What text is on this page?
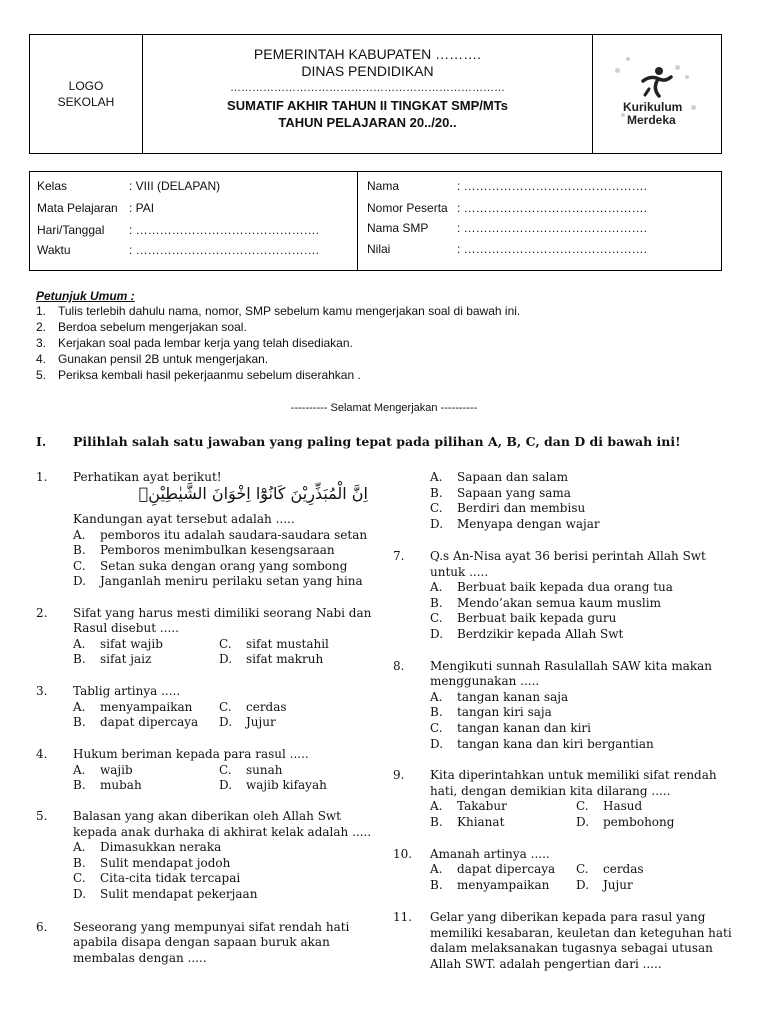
LOGO
SEKOLAH
PEMERINTAH KABUPATEN ……….
DINAS PENDIDIKAN
…………………………………………………………………
SUMATIF AKHIR TAHUN II TINGKAT SMP/MTs
TAHUN PELAJARAN 20../20..
Kurikulum
Merdeka
Kelas	: VIII (DELAPAN)
Mata Pelajaran : PAI
Hari/Tanggal : ……………………………………….
Waktu	: ……………………………………….
Nama	: ……………………………………….
Nomor Peserta : ……………………………………….
Nama SMP : ……………………………………….
Nilai	: ……………………………………….
Petunjuk Umum :
1. Tulis terlebih dahulu nama, nomor, SMP sebelum kamu mengerjakan soal di bawah ini.
2. Berdoa sebelum mengerjakan soal.
3. Kerjakan soal pada lembar kerja yang telah disediakan.
4. Gunakan pensil 2B untuk mengerjakan.
5. Periksa kembali hasil pekerjaanmu sebelum diserahkan .
---------- Selamat Mengerjakan ----------
I. Pilihlah salah satu jawaban yang paling tepat pada pilihan A, B, C, dan D di bawah ini!
1. Perhatikan ayat berikut!
اِنَّ الْمُبَذِّرِيْنَ كَانُوْٓا اِخْوَانَ الشَّيٰطِيْنِۗ
Kandungan ayat tersebut adalah .....
A. pemboros itu adalah saudara-saudara setan
B. Pemboros menimbulkan kesengsaraan
C. Setan suka dengan orang yang sombong
D. Janganlah meniru perilaku setan yang hina
2. Sifat yang harus mesti dimiliki seorang Nabi dan
Rasul disebut .....
A. sifat wajib	C. sifat mustahil
B. sifat jaiz	D. sifat makruh
3. Tablig artinya .....
A. menyampaikan C. cerdas
B. dapat dipercaya D. Jujur
4. Hukum beriman kepada para rasul .....
A. wajib	C. sunah
B. mubah	D. wajib kifayah
5. Balasan yang akan diberikan oleh Allah Swt
kepada anak durhaka di akhirat kelak adalah .....
A. Dimasukkan neraka
B. Sulit mendapat jodoh
C. Cita-cita tidak tercapai
D. Sulit mendapat pekerjaan
6. Seseorang yang mempunyai sifat rendah hati
apabila disapa dengan sapaan buruk akan
membalas dengan .....
A. Sapaan dan salam
B. Sapaan yang sama
C. Berdiri dan membisu
D. Menyapa dengan wajar
7. Q.s An-Nisa ayat 36 berisi perintah Allah Swt
untuk .....
A. Berbuat baik kepada dua orang tua
B. Mendo’akan semua kaum muslim
C. Berbuat baik kepada guru
D. Berdzikir kepada Allah Swt
8. Mengikuti sunnah Rasulallah SAW kita makan
menggunakan .....
A. tangan kanan saja
B. tangan kiri saja
C. tangan kanan dan kiri
D. tangan kana dan kiri bergantian
9. Kita diperintahkan untuk memiliki sifat rendah
hati, dengan demikian kita dilarang .....
A. Takabur	C. Hasud
B. Khianat	D. pembohong
10. Amanah artinya .....
A. dapat dipercaya C. cerdas
B. menyampaikan D. Jujur
11. Gelar yang diberikan kepada para rasul yang
memiliki kesabaran, keuletan dan keteguhan hati
dalam melaksanakan tugasnya sebagai utusan
Allah SWT. adalah pengertian dari .....
